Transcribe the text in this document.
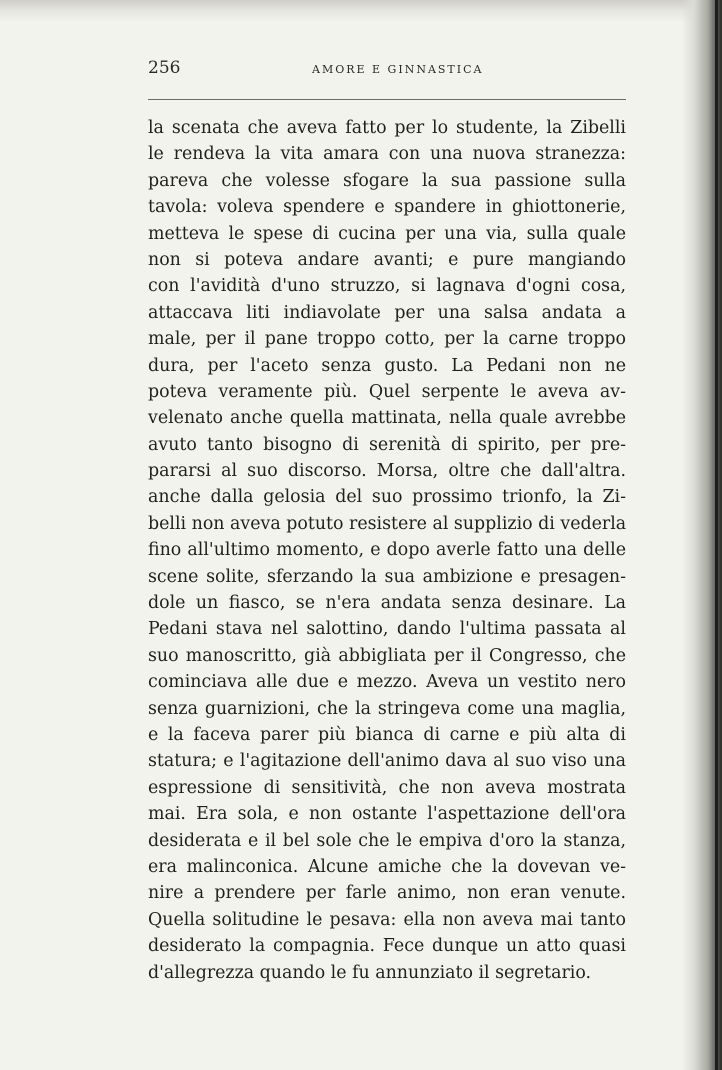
256	AMORE E GINNASTICA
la scenata che aveva fatto per lo studente, la Zibelli
le rendeva la vita amara con una nuova stranezza:
pareva che volesse sfogare la sua passione sulla
tavola: voleva spendere e spandere in ghiottonerie,
metteva le spese di cucina per una via, sulla quale
non si poteva andare avanti; e pure mangiando
con l'avidità d'uno struzzo, si lagnava d'ogni cosa,
attaccava liti indiavolate per una salsa andata a
male, per il pane troppo cotto, per la carne troppo
dura, per l'aceto senza gusto. La Pedani non ne
poteva veramente più. Quel serpente le aveva av-
velenato anche quella mattinata, nella quale avrebbe
avuto tanto bisogno di serenità di spirito, per pre-
pararsi al suo discorso. Morsa, oltre che dall'altra.
anche dalla gelosia del suo prossimo trionfo, la Zi-
belli non aveva potuto resistere al supplizio di vederla
fino all'ultimo momento, e dopo averle fatto una delle
scene solite, sferzando la sua ambizione e presagen-
dole un fiasco, se n'era andata senza desinare. La
Pedani stava nel salottino, dando l'ultima passata al
suo manoscritto, già abbigliata per il Congresso, che
cominciava alle due e mezzo. Aveva un vestito nero
senza guarnizioni, che la stringeva come una maglia,
e la faceva parer più bianca di carne e più alta di
statura; e l'agitazione dell'animo dava al suo viso una
espressione di sensitività, che non aveva mostrata
mai. Era sola, e non ostante l'aspettazione dell'ora
desiderata e il bel sole che le empiva d'oro la stanza,
era malinconica. Alcune amiche che la dovevan ve-
nire a prendere per farle animo, non eran venute.
Quella solitudine le pesava: ella non aveva mai tanto
desiderato la compagnia. Fece dunque un atto quasi
d'allegrezza quando le fu annunziato il segretario.
